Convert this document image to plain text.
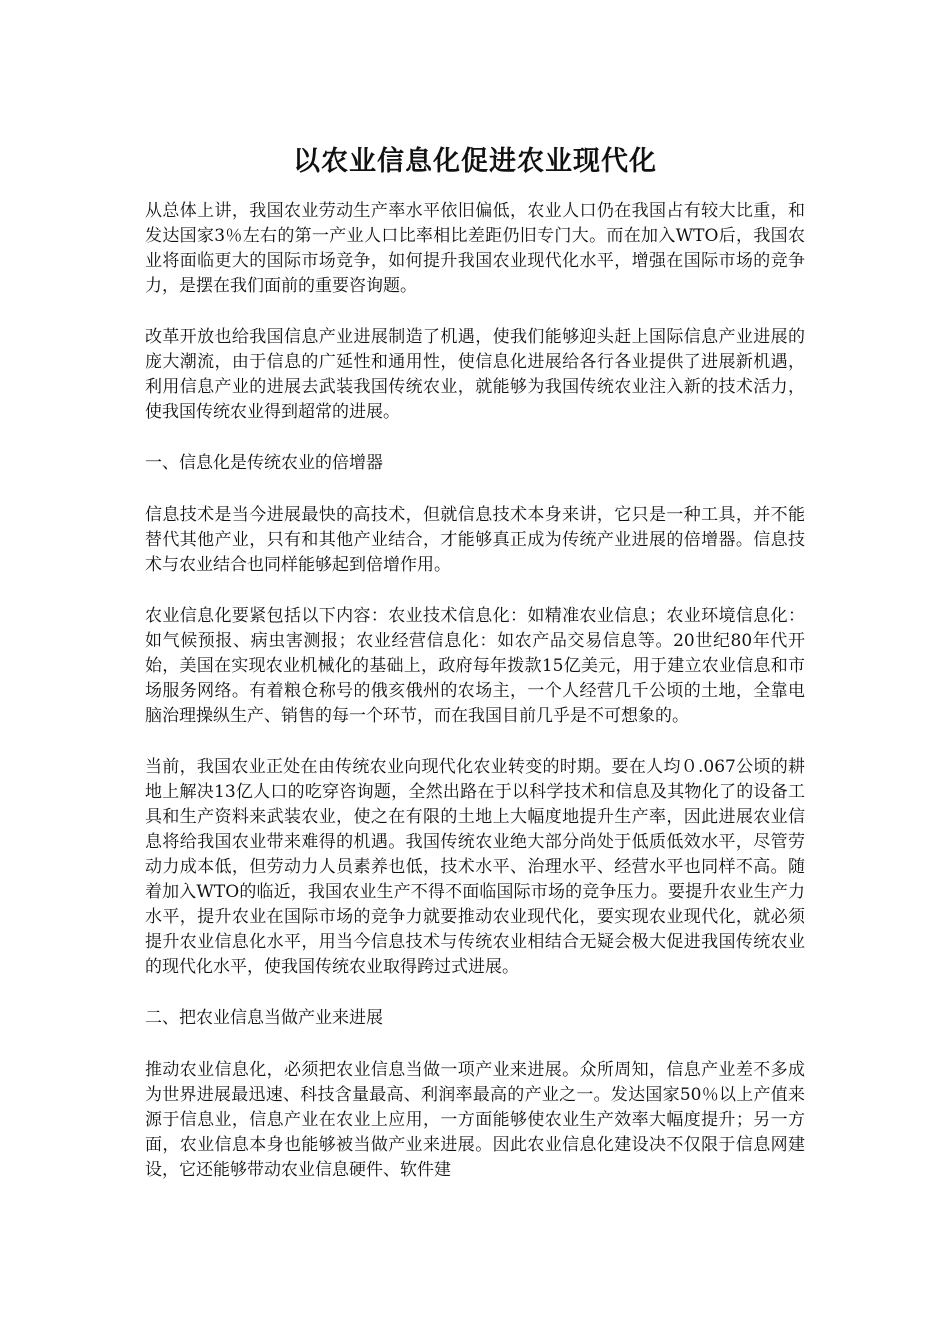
以农业信息化促进农业现代化

从总体上讲，我国农业劳动生产率水平依旧偏低，农业人口仍在我国占有较大比重，和发达国家3％左右的第一产业人口比率相比差距仍旧专门大。而在加入WTO后，我国农业将面临更大的国际市场竞争，如何提升我国农业现代化水平，增强在国际市场的竞争力，是摆在我们面前的重要咨询题。

改革开放也给我国信息产业进展制造了机遇，使我们能够迎头赶上国际信息产业进展的庞大潮流，由于信息的广延性和通用性，使信息化进展给各行各业提供了进展新机遇，利用信息产业的进展去武装我国传统农业，就能够为我国传统农业注入新的技术活力，使我国传统农业得到超常的进展。

一、信息化是传统农业的倍增器

信息技术是当今进展最快的高技术，但就信息技术本身来讲，它只是一种工具，并不能替代其他产业，只有和其他产业结合，才能够真正成为传统产业进展的倍增器。信息技术与农业结合也同样能够起到倍增作用。

农业信息化要紧包括以下内容：农业技术信息化：如精准农业信息；农业环境信息化：如气候预报、病虫害测报；农业经营信息化：如农产品交易信息等。20世纪80年代开始，美国在实现农业机械化的基础上，政府每年拨款15亿美元，用于建立农业信息和市场服务网络。有着粮仓称号的俄亥俄州的农场主，一个人经营几千公顷的土地，全靠电脑治理操纵生产、销售的每一个环节，而在我国目前几乎是不可想象的。

当前，我国农业正处在由传统农业向现代化农业转变的时期。要在人均０.067公顷的耕地上解决13亿人口的吃穿咨询题，全然出路在于以科学技术和信息及其物化了的设备工具和生产资料来武装农业，使之在有限的土地上大幅度地提升生产率，因此进展农业信息将给我国农业带来难得的机遇。我国传统农业绝大部分尚处于低质低效水平，尽管劳动力成本低，但劳动力人员素养也低，技术水平、治理水平、经营水平也同样不高。随着加入WTO的临近，我国农业生产不得不面临国际市场的竞争压力。要提升农业生产力水平，提升农业在国际市场的竞争力就要推动农业现代化，要实现农业现代化，就必须提升农业信息化水平，用当今信息技术与传统农业相结合无疑会极大促进我国传统农业的现代化水平，使我国传统农业取得跨过式进展。

二、把农业信息当做产业来进展

推动农业信息化，必须把农业信息当做一项产业来进展。众所周知，信息产业差不多成为世界进展最迅速、科技含量最高、利润率最高的产业之一。发达国家50％以上产值来源于信息业，信息产业在农业上应用，一方面能够使农业生产效率大幅度提升；另一方面，农业信息本身也能够被当做产业来进展。因此农业信息化建设决不仅限于信息网建设，它还能够带动农业信息硬件、软件建
